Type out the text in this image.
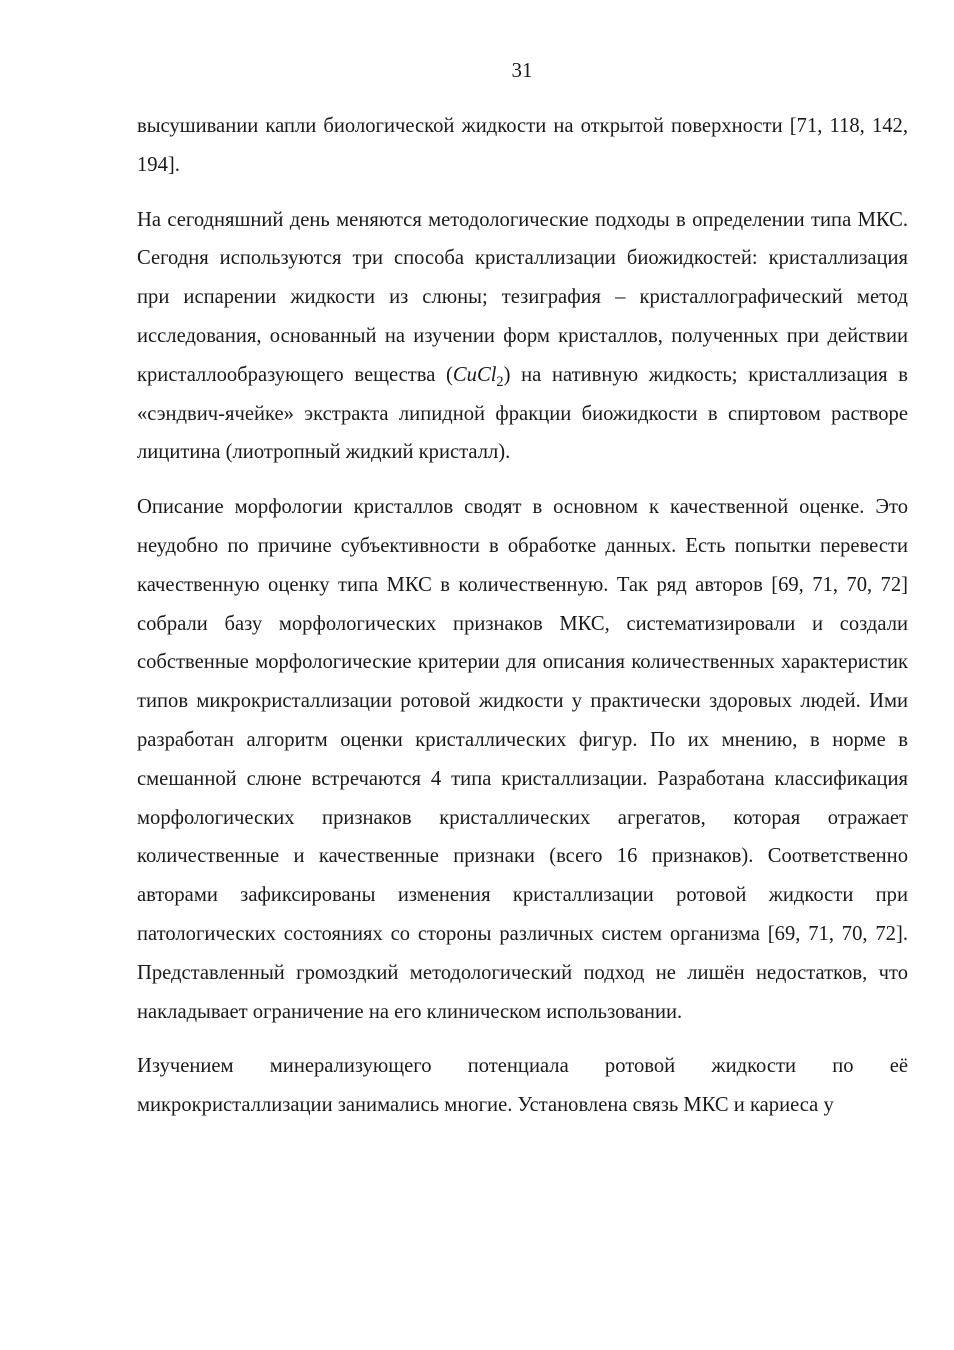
31

высушивании капли биологической жидкости на открытой поверхности [71, 118, 142, 194].

На сегодняшний день меняются методологические подходы в определении типа МКС. Сегодня используются три способа кристаллизации биожидкостей: кристаллизация при испарении жидкости из слюны; тезиграфия – кристаллографический метод исследования, основанный на изучении форм кристаллов, полученных при действии кристаллообразующего вещества (CuCl$_2$) на нативную жидкость; кристаллизация в «сэндвич-ячейке» экстракта липидной фракции биожидкости в спиртовом растворе лицитина (лиотропный жидкий кристалл).

Описание морфологии кристаллов сводят в основном к качественной оценке. Это неудобно по причине субъективности в обработке данных. Есть попытки перевести качественную оценку типа МКС в количественную. Так ряд авторов [69, 71, 70, 72] собрали базу морфологических признаков МКС, систематизировали и создали собственные морфологические критерии для описания количественных характеристик типов микрокристаллизации ротовой жидкости у практически здоровых людей. Ими разработан алгоритм оценки кристаллических фигур. По их мнению, в норме в смешанной слюне встречаются 4 типа кристаллизации. Разработана классификация морфологических признаков кристаллических агрегатов, которая отражает количественные и качественные признаки (всего 16 признаков). Соответственно авторами зафиксированы изменения кристаллизации ротовой жидкости при патологических состояниях со стороны различных систем организма [69, 71, 70, 72]. Представленный громоздкий методологический подход не лишён недостатков, что накладывает ограничение на его клиническом использовании.

Изучением минерализующего потенциала ротовой жидкости по её микрокристаллизации занимались многие. Установлена связь МКС и кариеса у
